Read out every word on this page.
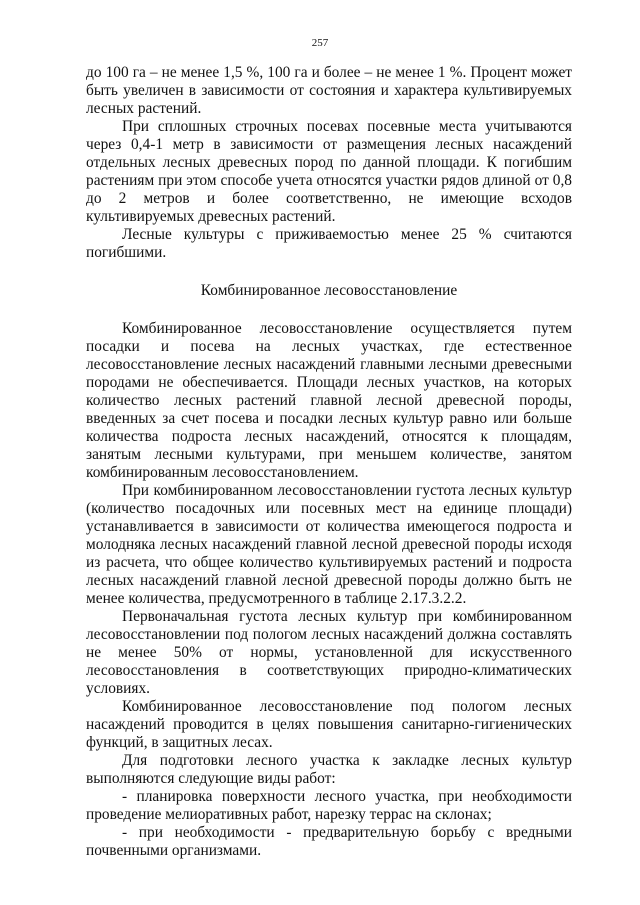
257

до 100 га – не менее 1,5 %, 100 га и более – не менее 1 %. Процент может быть увеличен в зависимости от состояния и характера культивируемых лесных растений.

При сплошных строчных посевах посевные места учитываются через 0,4-1 метр в зависимости от размещения лесных насаждений отдельных лесных древесных пород по данной площади. К погибшим растениям при этом способе учета относятся участки рядов длиной от 0,8 до 2 метров и более соответственно, не имеющие всходов культивируемых древесных растений.

Лесные культуры с приживаемостью менее 25 % считаются погибшими.

Комбинированное лесовосстановление

Комбинированное лесовосстановление осуществляется путем посадки и посева на лесных участках, где естественное лесовосстановление лесных насаждений главными лесными древесными породами не обеспечивается. Площади лесных участков, на которых количество лесных растений главной лесной древесной породы, введенных за счет посева и посадки лесных культур равно или больше количества подроста лесных насаждений, относятся к площадям, занятым лесными культурами, при меньшем количестве, занятом комбинированным лесовосстановлением.

При комбинированном лесовосстановлении густота лесных культур (количество посадочных или посевных мест на единице площади) устанавливается в зависимости от количества имеющегося подроста и молодняка лесных насаждений главной лесной древесной породы исходя из расчета, что общее количество культивируемых растений и подроста лесных насаждений главной лесной древесной породы должно быть не менее количества, предусмотренного в таблице 2.17.3.2.2.

Первоначальная густота лесных культур при комбинированном лесовосстановлении под пологом лесных насаждений должна составлять не менее 50% от нормы, установленной для искусственного лесовосстановления в соответствующих природно-климатических условиях.

Комбинированное лесовосстановление под пологом лесных насаждений проводится в целях повышения санитарно-гигиенических функций, в защитных лесах.

Для подготовки лесного участка к закладке лесных культур выполняются следующие виды работ:

- планировка поверхности лесного участка, при необходимости проведение мелиоративных работ, нарезку террас на склонах;

- при необходимости - предварительную борьбу с вредными почвенными организмами.
